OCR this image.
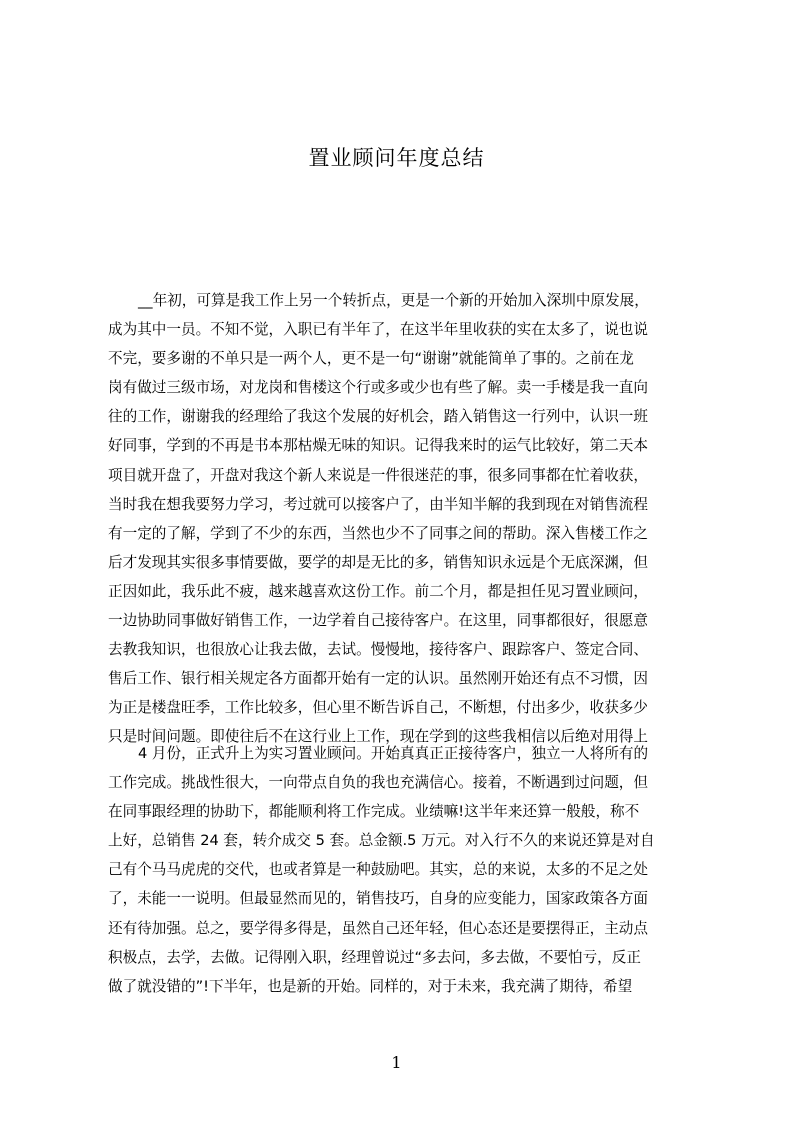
置业顾问年度总结
__年初，可算是我工作上另一个转折点，更是一个新的开始加入深圳中原发展，
成为其中一员。不知不觉，入职已有半年了，在这半年里收获的实在太多了，说也说
不完，要多谢的不单只是一两个人，更不是一句“谢谢”就能简单了事的。之前在龙
岗有做过三级市场，对龙岗和售楼这个行或多或少也有些了解。卖一手楼是我一直向
往的工作，谢谢我的经理给了我这个发展的好机会，踏入销售这一行列中，认识一班
好同事，学到的不再是书本那枯燥无味的知识。记得我来时的运气比较好，第二天本
项目就开盘了，开盘对我这个新人来说是一件很迷茫的事，很多同事都在忙着收获，
当时我在想我要努力学习，考过就可以接客户了，由半知半解的我到现在对销售流程
有一定的了解，学到了不少的东西，当然也少不了同事之间的帮助。深入售楼工作之
后才发现其实很多事情要做，要学的却是无比的多，销售知识永远是个无底深渊，但
正因如此，我乐此不疲，越来越喜欢这份工作。前二个月，都是担任见习置业顾问，
一边协助同事做好销售工作，一边学着自己接待客户。在这里，同事都很好，很愿意
去教我知识，也很放心让我去做，去试。慢慢地，接待客户、跟踪客户、签定合同、
售后工作、银行相关规定各方面都开始有一定的认识。虽然刚开始还有点不习惯，因
为正是楼盘旺季，工作比较多，但心里不断告诉自己，不断想，付出多少，收获多少
只是时间问题。即使往后不在这行业上工作，现在学到的这些我相信以后绝对用得上
4 月份，正式升上为实习置业顾问。开始真真正正接待客户，独立一人将所有的
工作完成。挑战性很大，一向带点自负的我也充满信心。接着，不断遇到过问题，但
在同事跟经理的协助下，都能顺利将工作完成。业绩嘛!这半年来还算一般般，称不
上好，总销售 24 套，转介成交 5 套。总金额.5 万元。对入行不久的来说还算是对自
己有个马马虎虎的交代，也或者算是一种鼓励吧。其实，总的来说，太多的不足之处
了，未能一一说明。但最显然而见的，销售技巧，自身的应变能力，国家政策各方面
还有待加强。总之，要学得多得是，虽然自己还年轻，但心态还是要摆得正，主动点
积极点，去学，去做。记得刚入职，经理曾说过“多去问，多去做，不要怕亏，反正
做了就没错的”!下半年，也是新的开始。同样的，对于未来，我充满了期待，希望
1
